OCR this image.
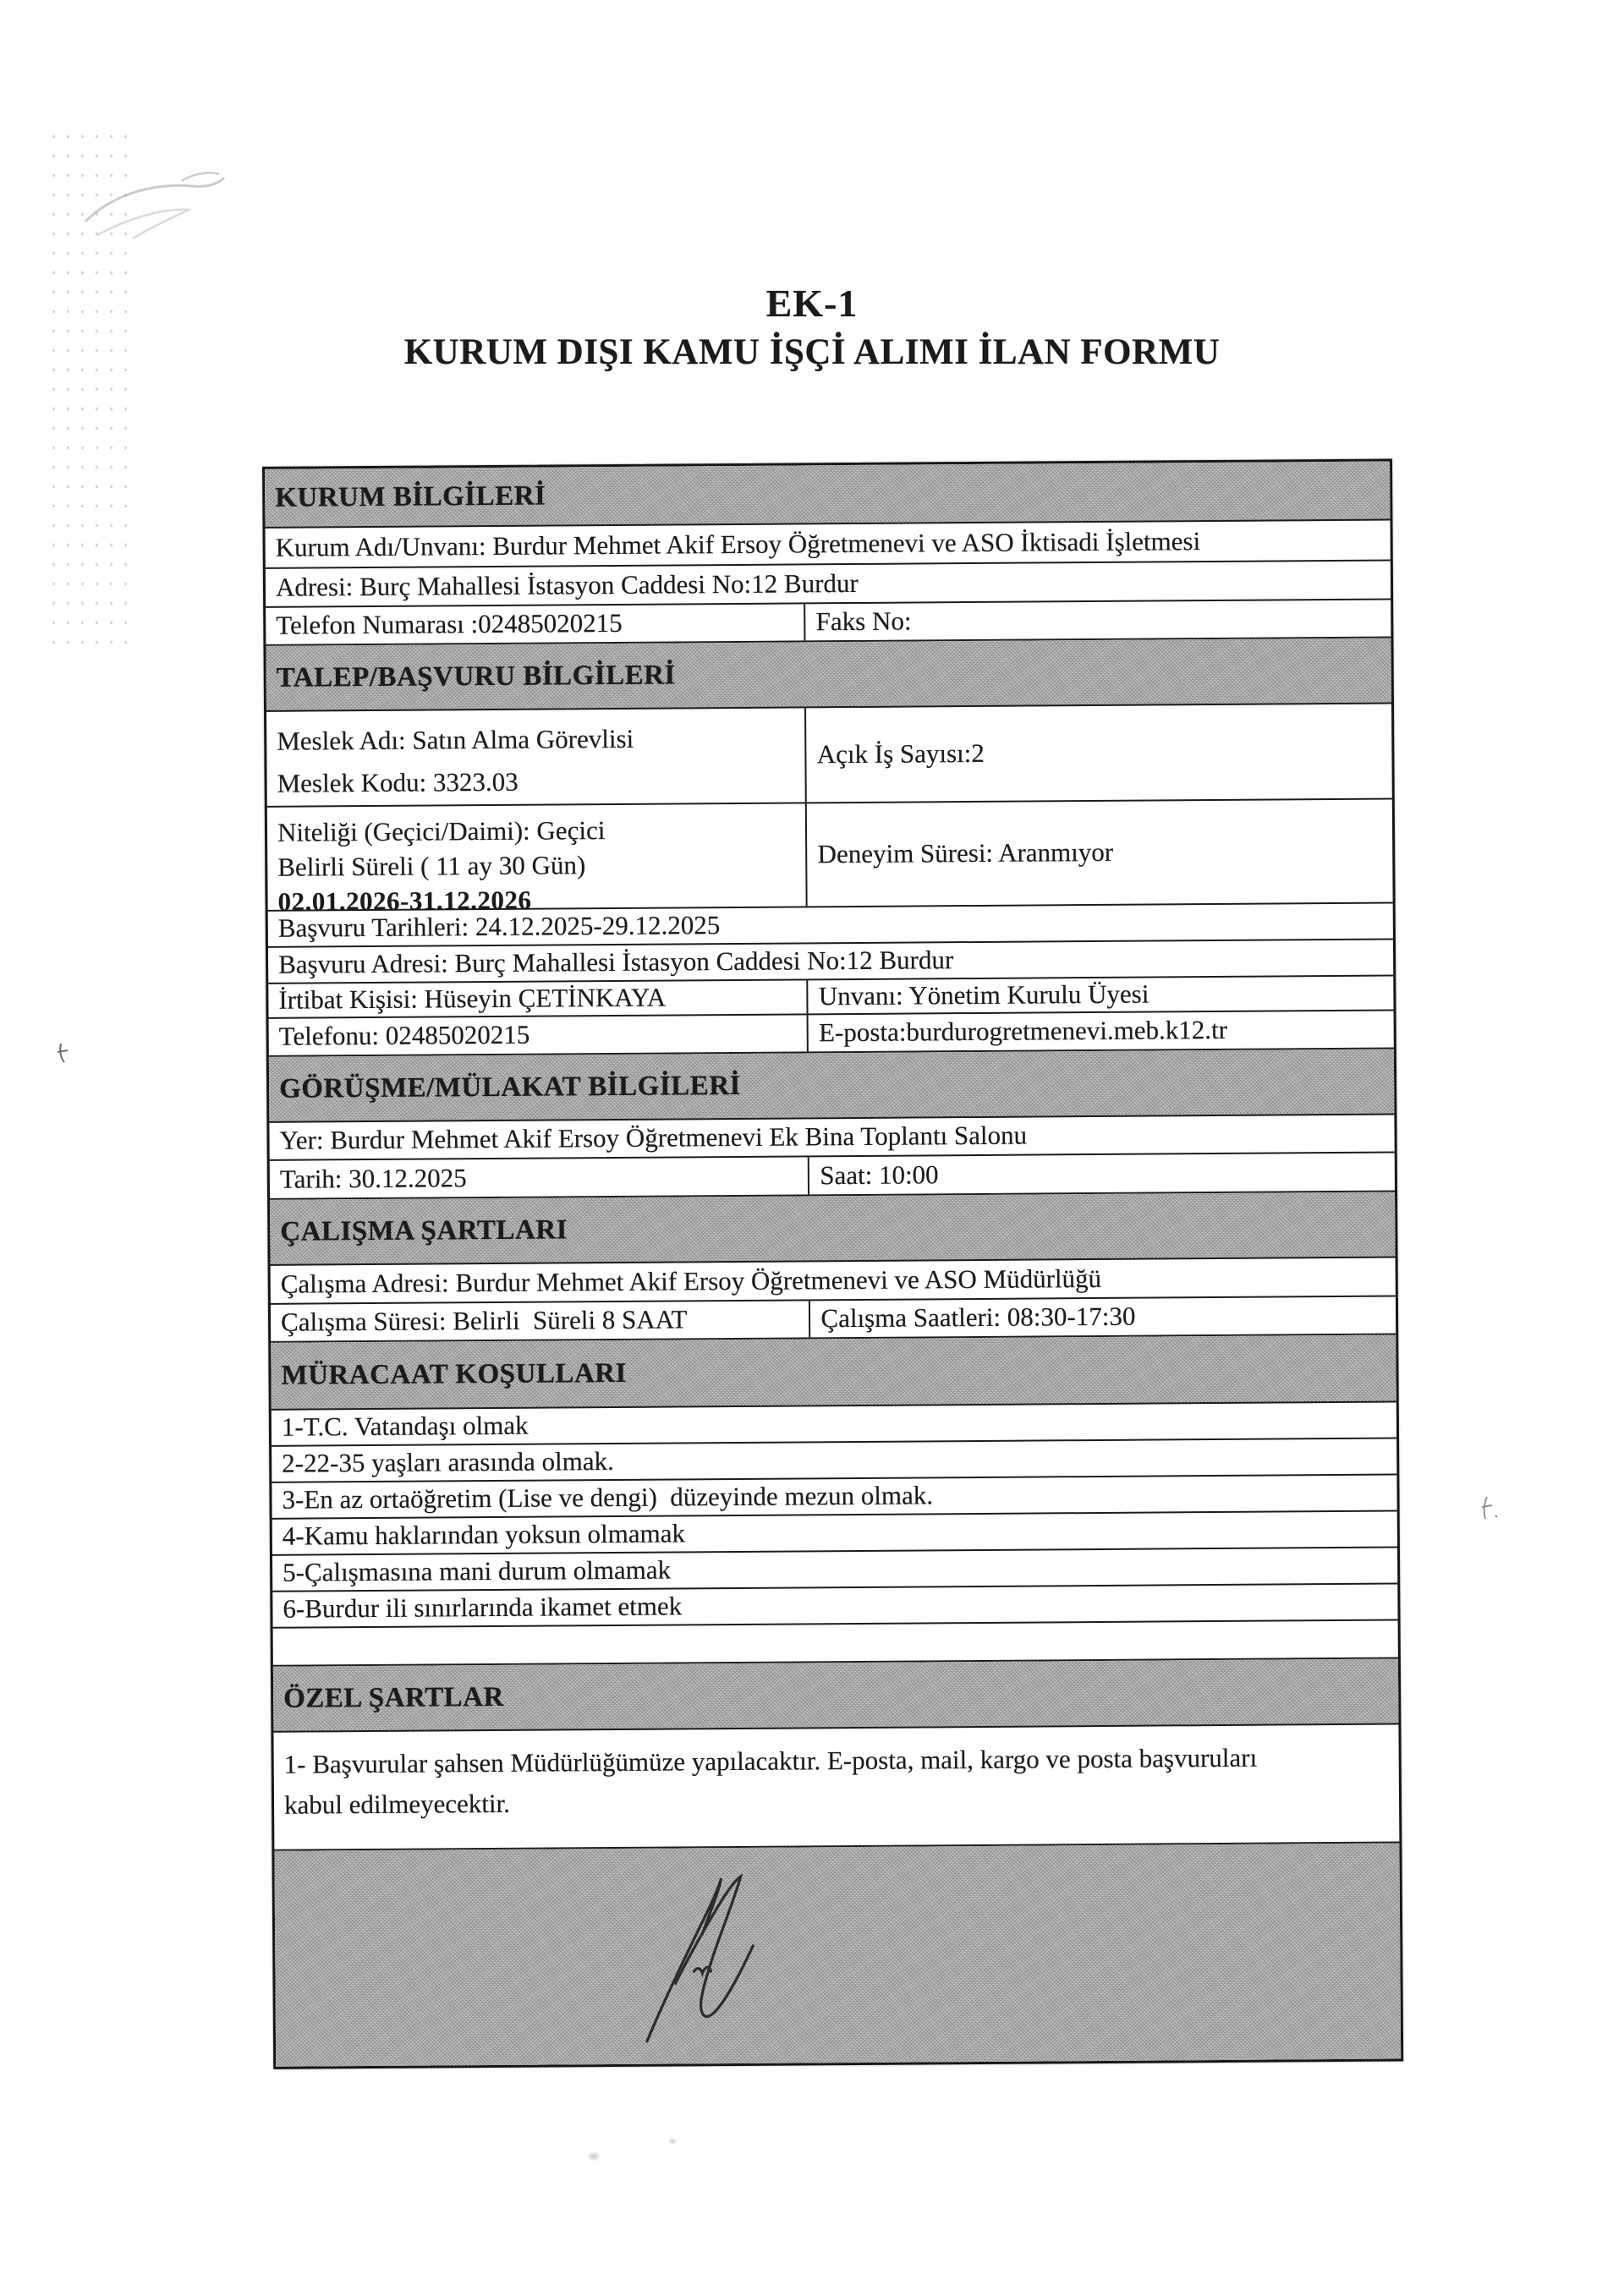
EK-1
KURUM DIŞI KAMU İŞÇİ ALIMI İLAN FORMU
KURUM BİLGİLERİ
Kurum Adı/Unvanı: Burdur Mehmet Akif Ersoy Öğretmenevi ve ASO İktisadi İşletmesi
Adresi: Burç Mahallesi İstasyon Caddesi No:12 Burdur
Telefon Numarası :02485020215	Faks No:
TALEP/BAŞVURU BİLGİLERİ
Meslek Adı: Satın Alma Görevlisi
Meslek Kodu: 3323.03
Açık İş Sayısı:2
Niteliği (Geçici/Daimi): Geçici
Belirli Süreli ( 11 ay 30 Gün)
02.01.2026-31.12.2026
Deneyim Süresi: Aranmıyor
Başvuru Tarihleri: 24.12.2025-29.12.2025
Başvuru Adresi: Burç Mahallesi İstasyon Caddesi No:12 Burdur
İrtibat Kişisi: Hüseyin ÇETİNKAYA	Unvanı: Yönetim Kurulu Üyesi
Telefonu: 02485020215	E-posta:burdurogretmenevi.meb.k12.tr
GÖRÜŞME/MÜLAKAT BİLGİLERİ
Yer: Burdur Mehmet Akif Ersoy Öğretmenevi Ek Bina Toplantı Salonu
Tarih: 30.12.2025	Saat: 10:00
ÇALIŞMA ŞARTLARI
Çalışma Adresi: Burdur Mehmet Akif Ersoy Öğretmenevi ve ASO Müdürlüğü
Çalışma Süresi: Belirli  Süreli 8 SAAT	Çalışma Saatleri: 08:30-17:30
MÜRACAAT KOŞULLARI
1-T.C. Vatandaşı olmak
2-22-35 yaşları arasında olmak.
3-En az ortaöğretim (Lise ve dengi)  düzeyinde mezun olmak.
4-Kamu haklarından yoksun olmamak
5-Çalışmasına mani durum olmamak
6-Burdur ili sınırlarında ikamet etmek
ÖZEL ŞARTLAR
1- Başvurular şahsen Müdürlüğümüze yapılacaktır. E-posta, mail, kargo ve posta başvuruları kabul edilmeyecektir.
